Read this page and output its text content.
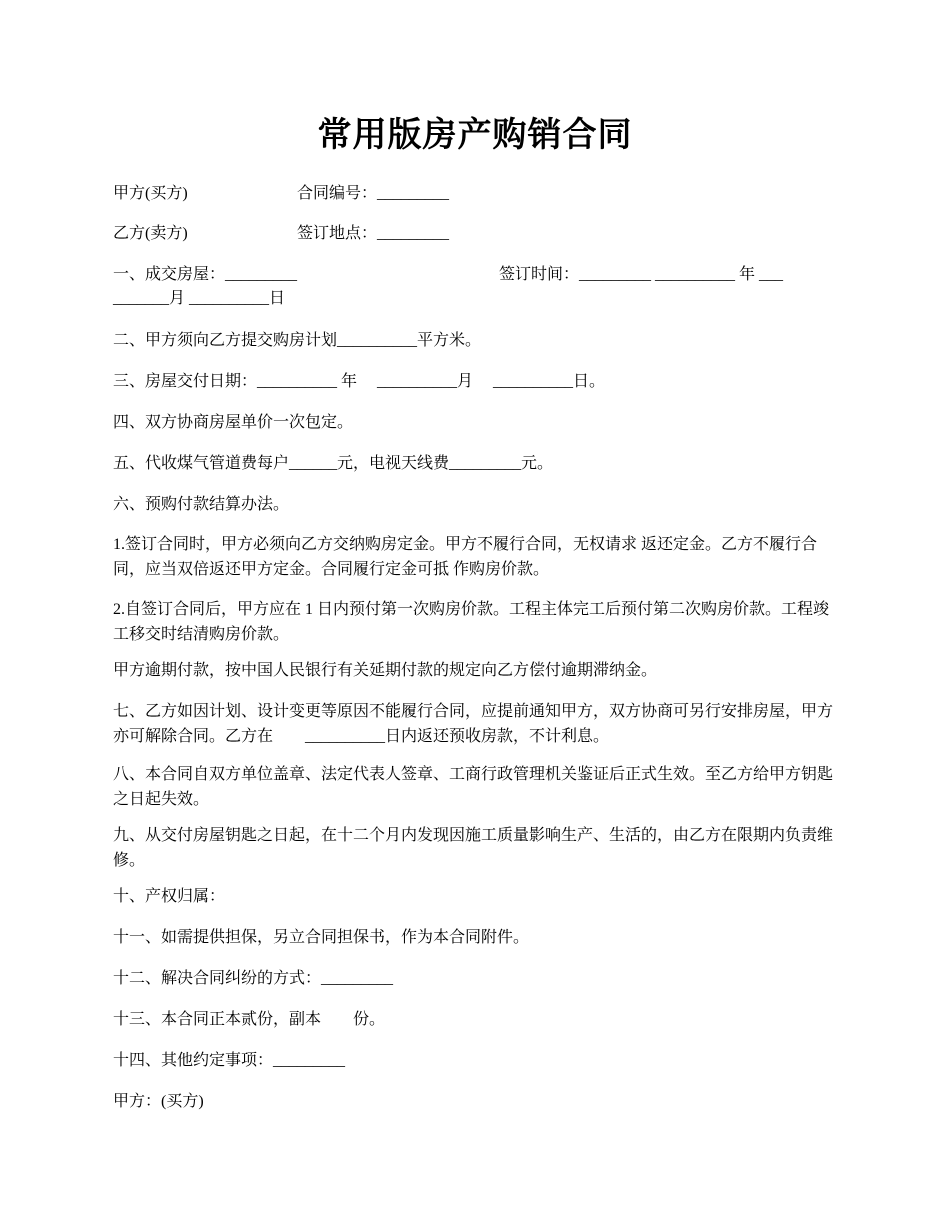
常用版房产购销合同
甲方(买方)	合同编号：_________
乙方(卖方)	签订地点：_________
一、成交房屋：_________	签订时间：_________ __________ 年 ___
_______月 __________日
二、甲方须向乙方提交购房计划__________平方米。
三、房屋交付日期：__________ 年 　__________月 　__________日。
四、双方协商房屋单价一次包定。
五、代收煤气管道费每户______元，电视天线费_________元。
六、预购付款结算办法。
1.签订合同时，甲方必须向乙方交纳购房定金。甲方不履行合同，无权请求 返还定金。乙方不履行合同，应当双倍返还甲方定金。合同履行定金可抵 作购房价款。
2.自签订合同后，甲方应在 1 日内预付第一次购房价款。工程主体完工后预付第二次购房价款。工程竣工移交时结清购房价款。
甲方逾期付款，按中国人民银行有关延期付款的规定向乙方偿付逾期滞纳金。
七、乙方如因计划、设计变更等原因不能履行合同，应提前通知甲方，双方协商可另行安排房屋，甲方亦可解除合同。乙方在　　__________日内返还预收房款，不计利息。
八、本合同自双方单位盖章、法定代表人签章、工商行政管理机关鉴证后正式生效。至乙方给甲方钥匙之日起失效。
九、从交付房屋钥匙之日起，在十二个月内发现因施工质量影响生产、生活的，由乙方在限期内负责维修。
十、产权归属：
十一、如需提供担保，另立合同担保书，作为本合同附件。
十二、解决合同纠纷的方式：_________
十三、本合同正本贰份，副本　　份。
十四、其他约定事项：_________
甲方：(买方)
